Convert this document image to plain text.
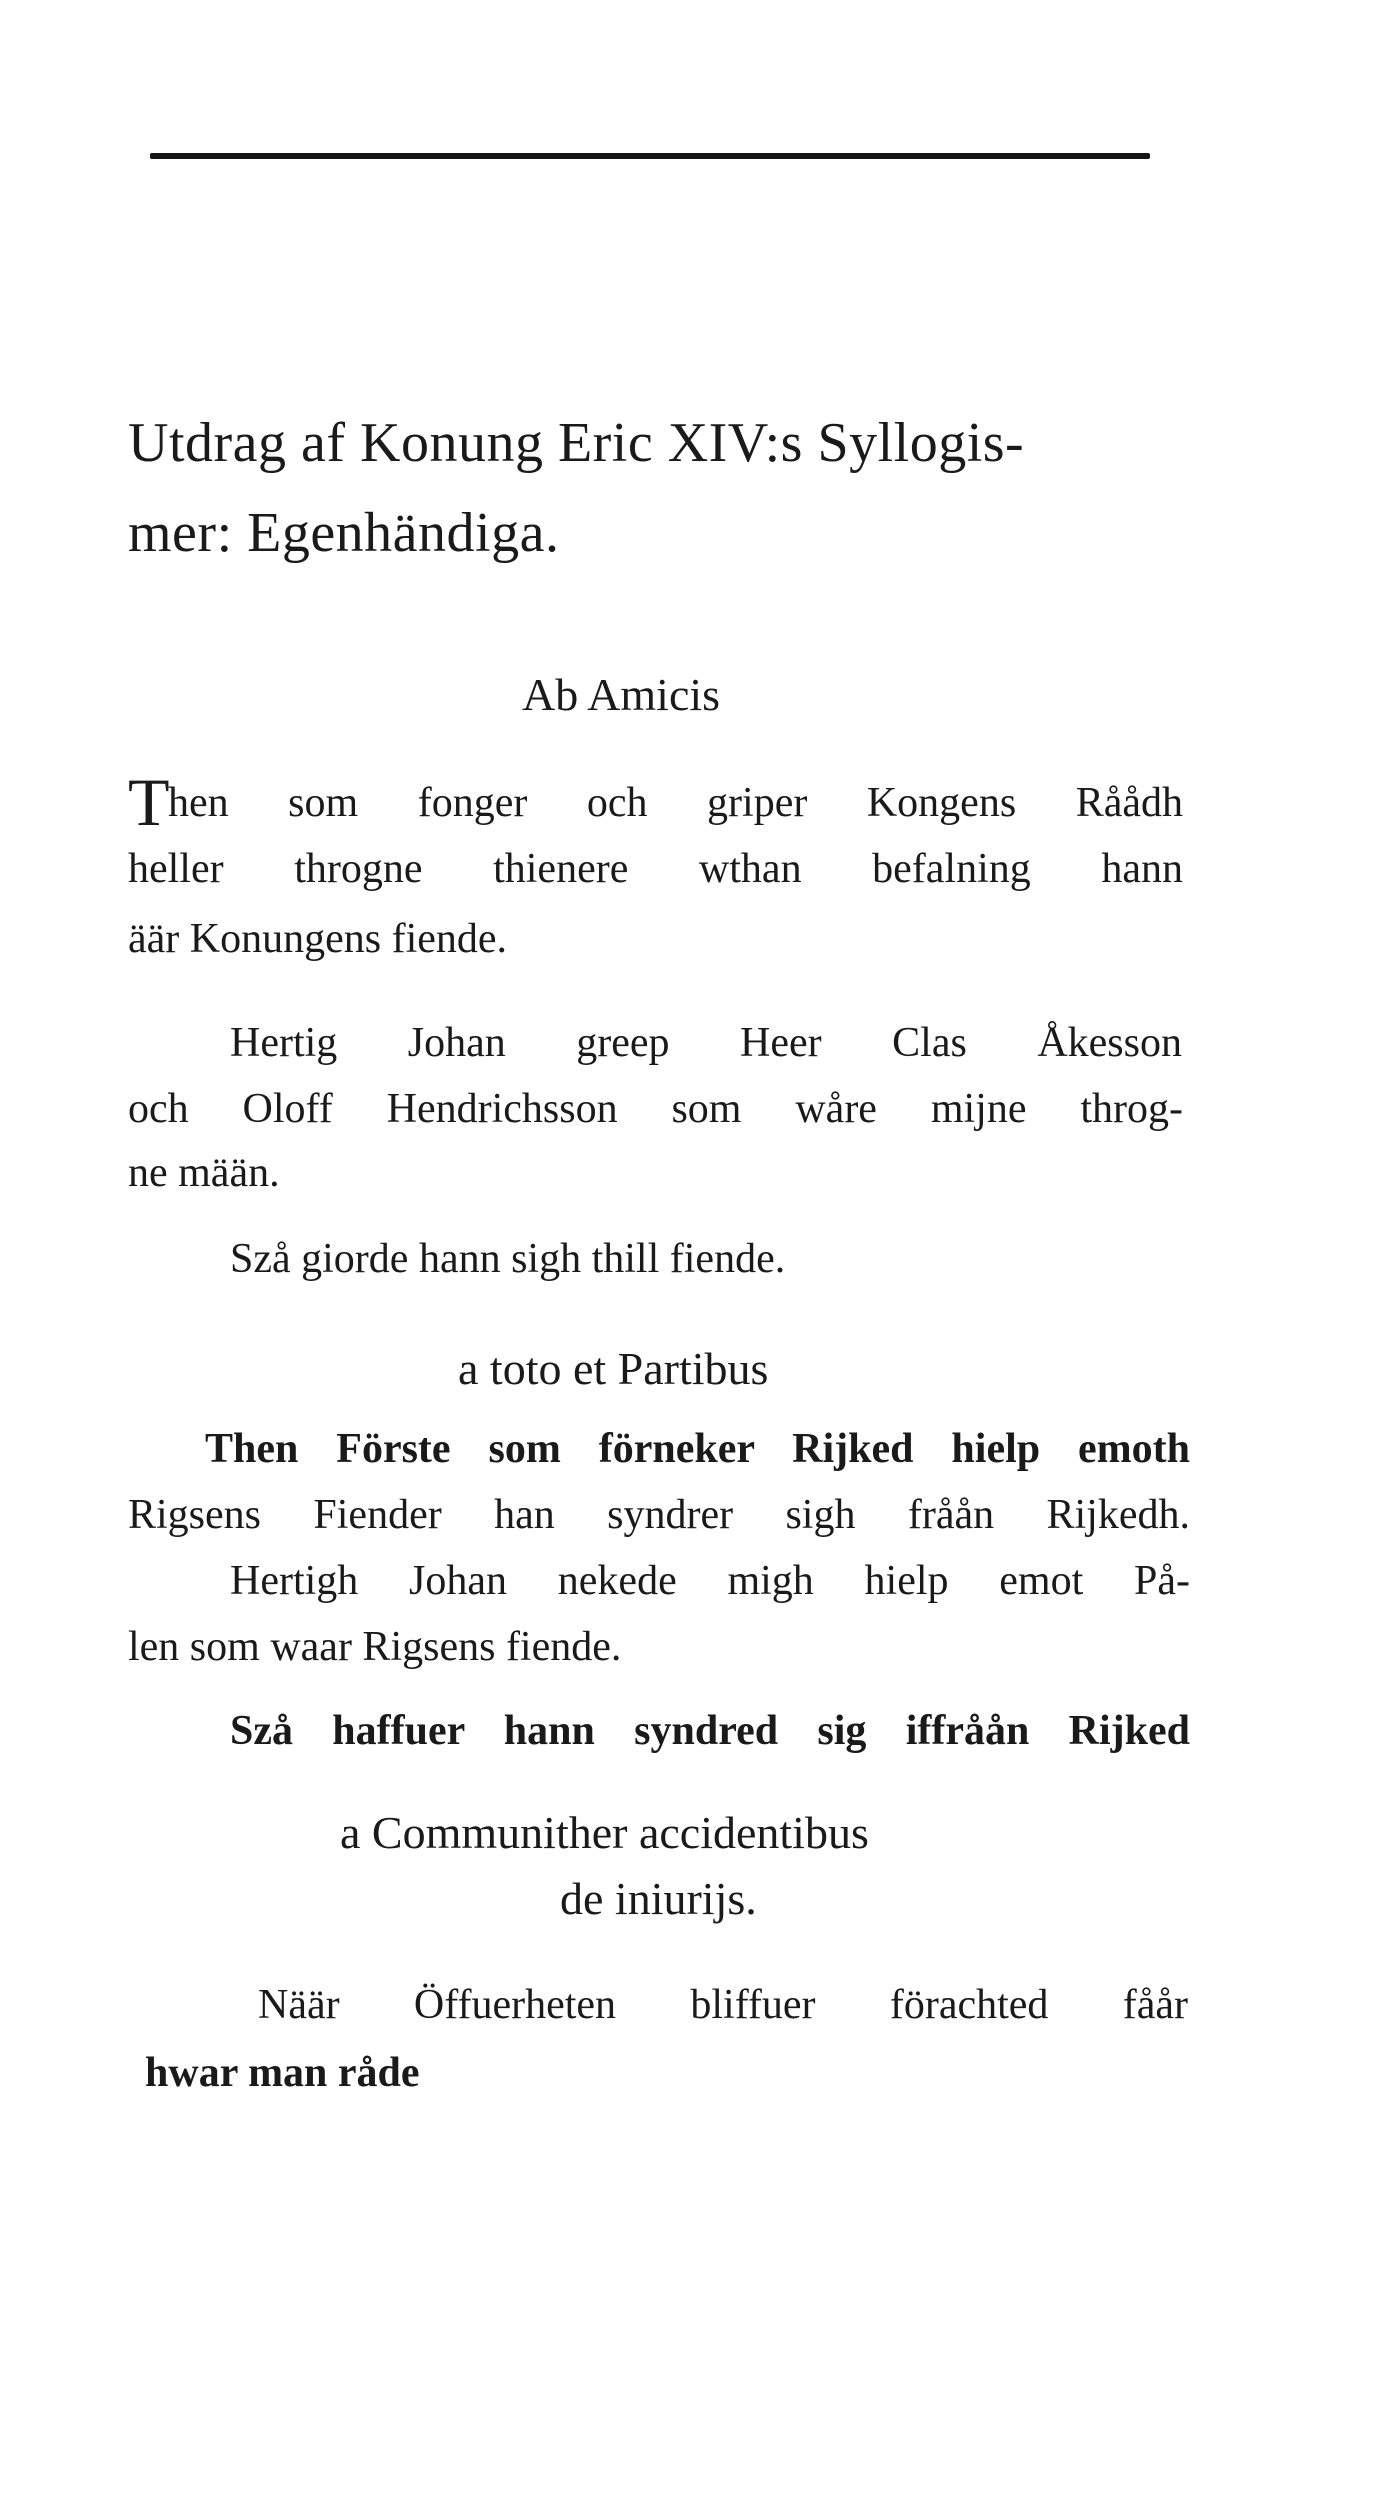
Utdrag af Konung Eric XIV:s Syllogis-

mer: Egenhändiga.

Ab Amicis

T
hen som fonger och griper Kongens Råådh

heller throgne thienere wthan befalning hann

äär Konungens fiende.

Hertig Johan greep Heer Clas Åkesson

och Oloff Hendrichsson som wåre mijne throg-

ne mään.

Szå giorde hann sigh thill fiende.

a toto et Partibus

Then Förste som förneker Rijked hielp emoth

Rigsens Fiender han syndrer sigh fråån Rijkedh.

Hertigh Johan nekede migh hielp emot På-

len som waar Rigsens fiende.

Szå haffuer hann syndred sig iffråån Rijked

a Communither accidentibus

de iniurijs.

Näär Öffuerheten bliffuer förachted fåår

hwar man råde
